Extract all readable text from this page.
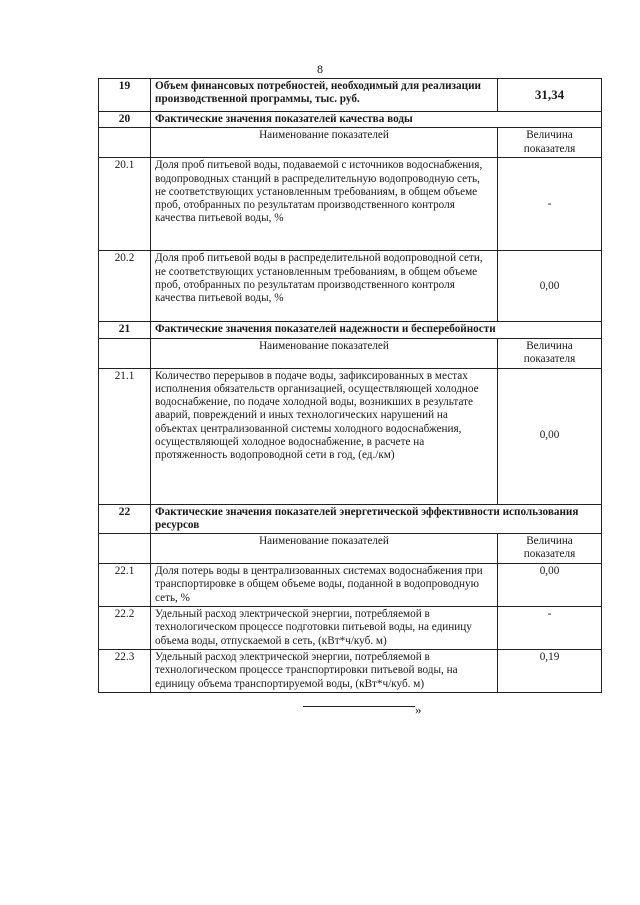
8
19	Объем финансовых потребностей, необходимый для реализации производственной программы, тыс. руб.	31,34
20	Фактические значения показателей качества воды	
	Наименование показателей	Величина показателя
20.1	Доля проб питьевой воды, подаваемой с источников водоснабжения, водопроводных станций в распределительную водопроводную сеть, не соответствующих установленным требованиям, в общем объеме проб, отобранных по результатам производственного контроля качества питьевой воды, %	-
20.2	Доля проб питьевой воды в распределительной водопроводной сети, не соответствующих установленным требованиям, в общем объеме проб, отобранных по результатам производственного контроля качества питьевой воды, %	0,00
21	Фактические значения показателей надежности и бесперебойности	
	Наименование показателей	Величина показателя
21.1	Количество перерывов в подаче воды, зафиксированных в местах исполнения обязательств организацией, осуществляющей холодное водоснабжение, по подаче холодной воды, возникших в результате аварий, повреждений и иных технологических нарушений на объектах централизованной системы холодного водоснабжения, осуществляющей холодное водоснабжение, в расчете на протяженность водопроводной сети в год, (ед./км)	0,00
22	Фактические значения показателей энергетической эффективности использования ресурсов	
	Наименование показателей	Величина показателя
22.1	Доля потерь воды в централизованных системах водоснабжения при транспортировке в общем объеме воды, поданной в водопроводную сеть, %	0,00
22.2	Удельный расход электрической энергии, потребляемой в технологическом процессе подготовки питьевой воды, на единицу объема воды, отпускаемой в сеть, (кВт*ч/куб. м)	-
22.3	Удельный расход электрической энергии, потребляемой в технологическом процессе транспортировки питьевой воды, на единицу объема транспортируемой воды, (кВт*ч/куб. м)	0,19
»
